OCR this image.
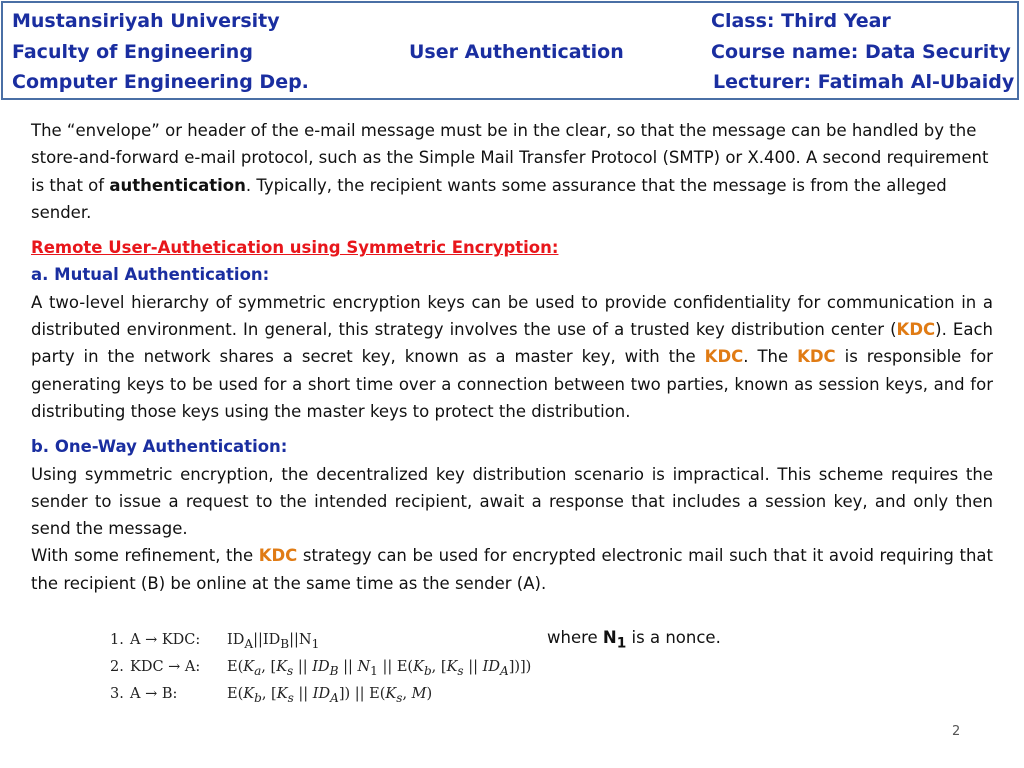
Mustansiriyah University
Faculty of Engineering
Computer Engineering Dep.
User Authentication
Class: Third Year
Course name: Data Security
Lecturer: Fatimah Al-Ubaidy

The “envelope” or header of the e-mail message must be in the clear, so that the message can be handled by the store-and-forward e-mail protocol, such as the Simple Mail Transfer Protocol (SMTP) or X.400. A second requirement is that of authentication. Typically, the recipient wants some assurance that the message is from the alleged sender.

Remote User-Authetication using Symmetric Encryption:

a. Mutual Authentication:

A two-level hierarchy of symmetric encryption keys can be used to provide confidentiality for communication in a distributed environment. In general, this strategy involves the use of a trusted key distribution center (KDC). Each party in the network shares a secret key, known as a master key, with the KDC. The KDC is responsible for generating keys to be used for a short time over a connection between two parties, known as session keys, and for distributing those keys using the master keys to protect the distribution.

b. One-Way Authentication:

Using symmetric encryption, the decentralized key distribution scenario is impractical. This scheme requires the sender to issue a request to the intended recipient, await a response that includes a session key, and only then send the message.

With some refinement, the KDC strategy can be used for encrypted electronic mail such that it avoid requiring that the recipient (B) be online at the same time as the sender (A).

1. A → KDC: $ID_A||ID_B||N_1$
2. KDC → A: $E(K_a$, [$K_s$ || $ID_B$ || $N_1$ || $E(K_b$, [$K_s$ || $ID_A$])])
3. A → B:	$E(K_b$, [$K_s$ || $ID_A$]) || $E(K_s$, M)
where $N_1$ is a nonce.
2
